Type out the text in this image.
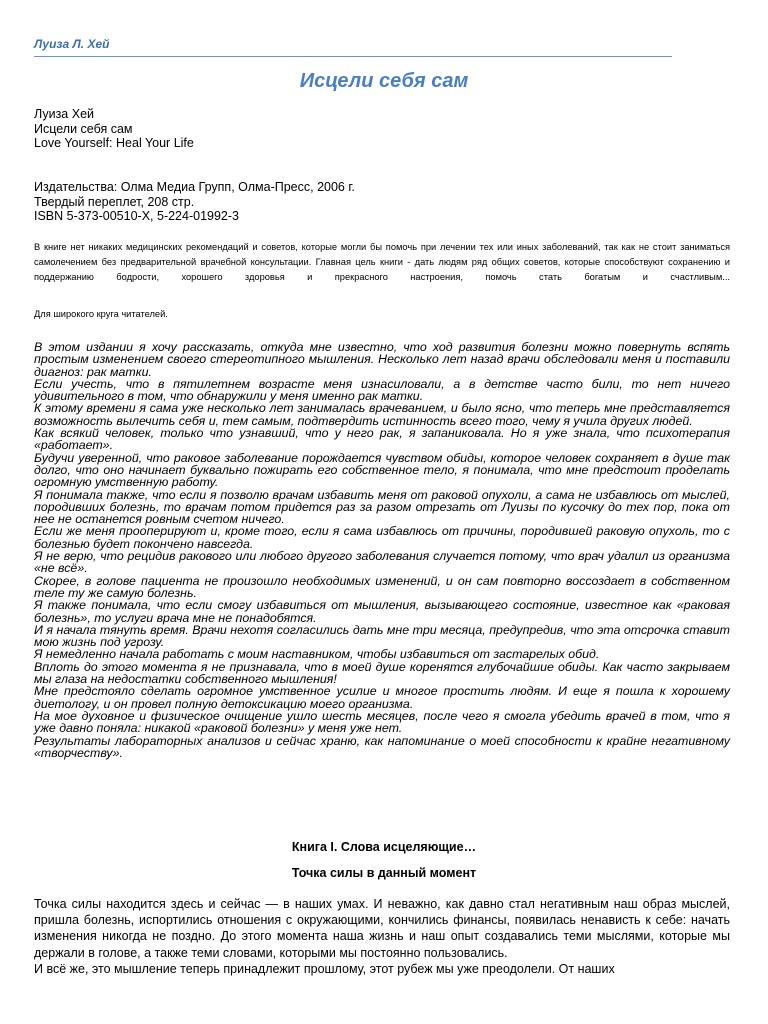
Луиза Л. Хей
Исцели себя сам
Луиза Хей
Исцели себя сам
Love Yourself: Heal Your Life
Издательства: Олма Медиа Групп, Олма-Пресс, 2006 г.
Твердый переплет, 208 стр.
ISBN 5-373-00510-X, 5-224-01992-3
В книге нет никаких медицинских рекомендаций и советов, которые могли бы помочь при лечении тех или иных заболеваний, так как не стоит заниматься самолечением без предварительной врачебной консультации. Главная цель книги - дать людям ряд общих советов, которые способствуют сохранению и поддержанию бодрости, хорошего здоровья и прекрасного настроения, помочь стать богатым и счастливым...
Для широкого круга читателей.

В этом издании я хочу рассказать, откуда мне известно, что ход развития болезни можно повернуть вспять простым изменением своего стереотипного мышления. Несколько лет назад врачи обследовали меня и поставили диагноз: рак матки.

Если учесть, что в пятилетнем возрасте меня изнасиловали, а в детстве часто били, то нет ничего удивительного в том, что обнаружили у меня именно рак матки.

К этому времени я сама уже несколько лет занималась врачеванием, и было ясно, что теперь мне представляется возможность вылечить себя и, тем самым, подтвердить истинность всего того, чему я учила других людей.

Как всякий человек, только что узнавший, что у него рак, я запаниковала. Но я уже знала, что психотерапия «работает».

Будучи уверенной, что раковое заболевание порождается чувством обиды, которое человек сохраняет в душе так долго, что оно начинает буквально пожирать его собственное тело, я понимала, что мне предстоит проделать огромную умственную работу.

Я понимала также, что если я позволю врачам избавить меня от раковой опухоли, а сама не избавлюсь от мыслей, породивших болезнь, то врачам потом придется раз за разом отрезать от Луизы по кусочку до тех пор, пока от нее не останется ровным счетом ничего.

Если же меня прооперируют и, кроме того, если я сама избавлюсь от причины, породившей раковую опухоль, то с болезнью будет покончено навсегда.

Я не верю, что рецидив ракового или любого другого заболевания случается потому, что врач удалил из организма «не всё».

Скорее, в голове пациента не произошло необходимых изменений, и он сам повторно воссоздает в собственном теле ту же самую болезнь.

Я также понимала, что если смогу избавиться от мышления, вызывающего состояние, известное как «раковая болезнь», то услуги врача мне не понадобятся.

И я начала тянуть время. Врачи нехотя согласились дать мне три месяца, предупредив, что эта отсрочка ставит мою жизнь под угрозу.

Я немедленно начала работать с моим наставником, чтобы избавиться от застарелых обид.

Вплоть до этого момента я не признавала, что в моей душе коренятся глубочайшие обиды. Как часто закрываем мы глаза на недостатки собственного мышления!

Мне предстояло сделать огромное умственное усилие и многое простить людям. И еще я пошла к хорошему диетологу, и он провел полную детоксикацию моего организма.

На мое духовное и физическое очищение ушло шесть месяцев, после чего я смогла убедить врачей в том, что я уже давно поняла: никакой «раковой болезни» у меня уже нет.

Результаты лабораторных анализов и сейчас храню, как напоминание о моей способности к крайне негативному «творчеству».

Книга I. Слова исцеляющие…
Точка силы в данный момент

Точка силы находится здесь и сейчас — в наших умах. И неважно, как давно стал негативным наш образ мыслей, пришла болезнь, испортились отношения с окружающими, кончились финансы, появилась ненависть к себе: начать изменения никогда не поздно. До этого момента наша жизнь и наш опыт создавались теми мыслями, которые мы держали в голове, а также теми словами, которыми мы постоянно пользовались.

И всё же, это мышление теперь принадлежит прошлому, этот рубеж мы уже преодолели. От наших
